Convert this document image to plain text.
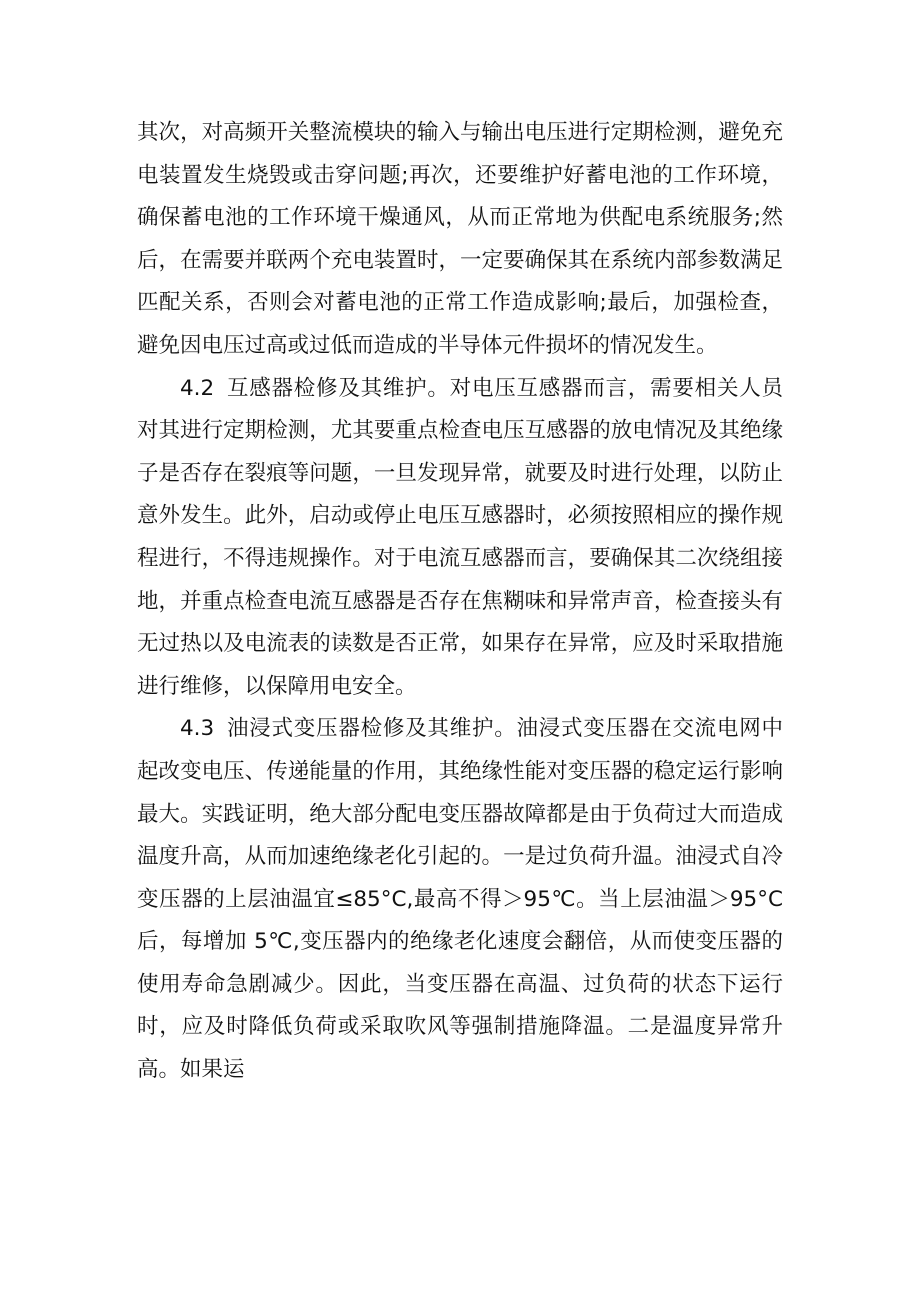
其次，对高频开关整流模块的输入与输出电压进行定期检测，避免充电装置发生烧毁或击穿问题;再次，还要维护好蓄电池的工作环境，确保蓄电池的工作环境干燥通风，从而正常地为供配电系统服务;然后，在需要并联两个充电装置时，一定要确保其在系统内部参数满足匹配关系，否则会对蓄电池的正常工作造成影响;最后，加强检查，避免因电压过高或过低而造成的半导体元件损坏的情况发生。

4.2 互感器检修及其维护。对电压互感器而言，需要相关人员对其进行定期检测，尤其要重点检查电压互感器的放电情况及其绝缘子是否存在裂痕等问题，一旦发现异常，就要及时进行处理，以防止意外发生。此外，启动或停止电压互感器时，必须按照相应的操作规程进行，不得违规操作。对于电流互感器而言，要确保其二次绕组接地，并重点检查电流互感器是否存在焦糊味和异常声音，检查接头有无过热以及电流表的读数是否正常，如果存在异常，应及时采取措施进行维修，以保障用电安全。

4.3 油浸式变压器检修及其维护。油浸式变压器在交流电网中起改变电压、传递能量的作用，其绝缘性能对变压器的稳定运行影响最大。实践证明，绝大部分配电变压器故障都是由于负荷过大而造成温度升高，从而加速绝缘老化引起的。一是过负荷升温。油浸式自冷变压器的上层油温宜≤85°C,最高不得＞95℃。当上层油温＞95°C 后，每增加 5℃,变压器内的绝缘老化速度会翻倍，从而使变压器的使用寿命急剧减少。因此，当变压器在高温、过负荷的状态下运行时，应及时降低负荷或采取吹风等强制措施降温。二是温度异常升高。如果运
